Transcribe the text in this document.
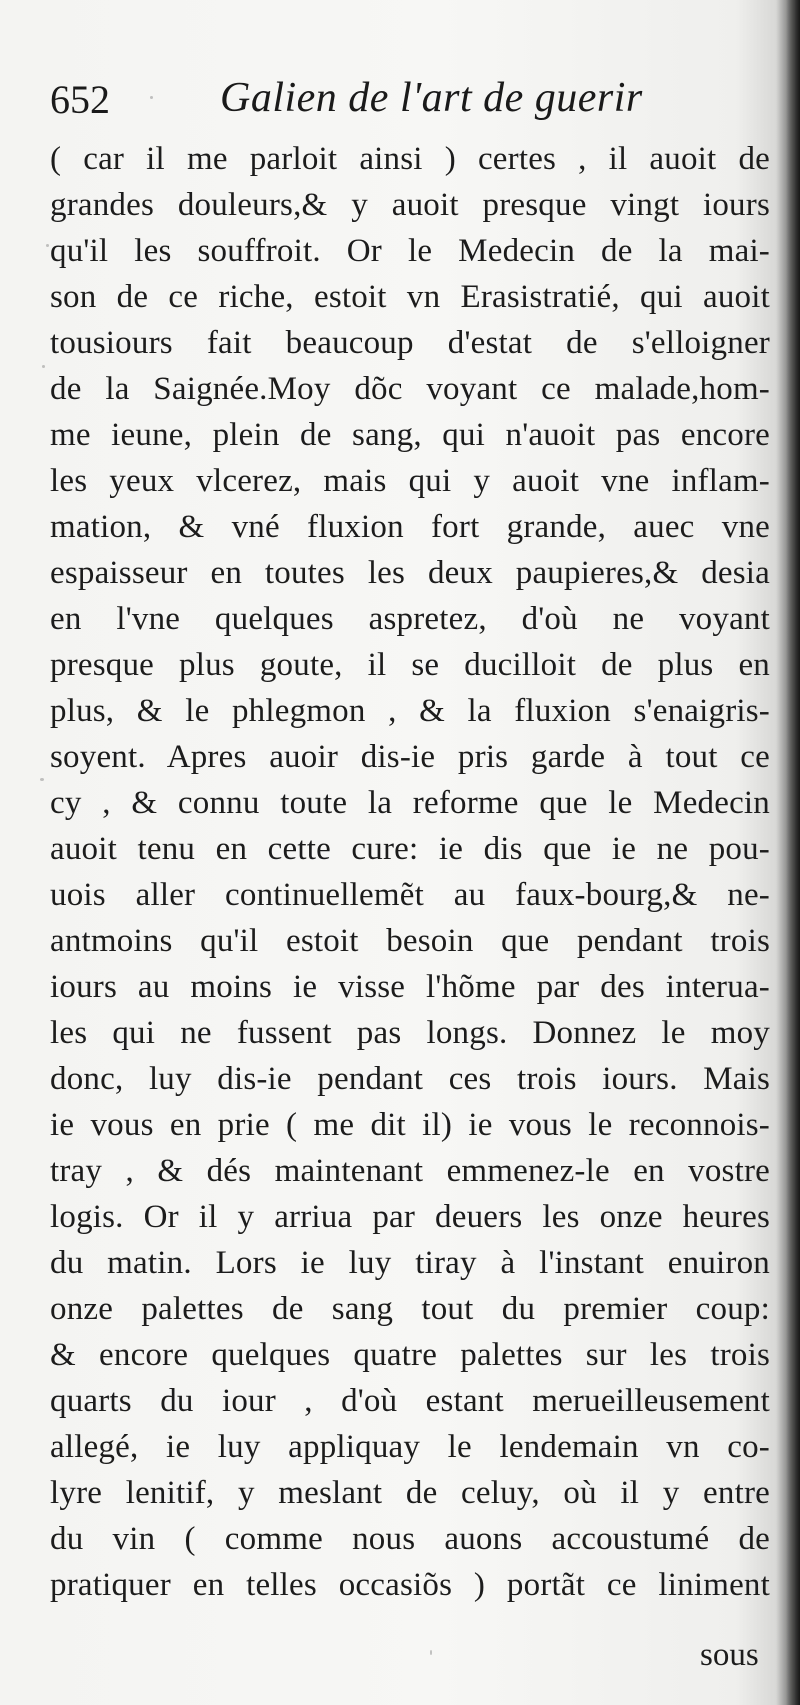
652	Galien de l'art de guerir
( car il me parloit ainsi ) certes , il auoit de
grandes douleurs,& y auoit presque vingt iours
qu'il les souffroit. Or le Medecin de la mai-
son de ce riche, estoit vn Erasistratié, qui auoit
tousiours fait beaucoup d'estat de s'elloigner
de la Saignée.Moy dõc voyant ce malade,hom-
me ieune, plein de sang, qui n'auoit pas encore
les yeux vlcerez, mais qui y auoit vne inflam-
mation, & vné fluxion fort grande, auec vne
espaisseur en toutes les deux paupieres,& desia
en l'vne quelques aspretez, d'où ne voyant
presque plus goute, il se ducilloit de plus en
plus, & le phlegmon , & la fluxion s'enaigris-
soyent. Apres auoir dis-ie pris garde à tout ce
cy , & connu toute la reforme que le Medecin
auoit tenu en cette cure: ie dis que ie ne pou-
uois aller continuellemẽt au faux-bourg,& ne-
antmoins qu'il estoit besoin que pendant trois
iours au moins ie visse l'hõme par des interua-
les qui ne fussent pas longs. Donnez le moy
donc, luy dis-ie pendant ces trois iours. Mais
ie vous en prie ( me dit il) ie vous le reconnois-
tray , & dés maintenant emmenez-le en vostre
logis. Or il y arriua par deuers les onze heures
du matin. Lors ie luy tiray à l'instant enuiron
onze palettes de sang tout du premier coup:
& encore quelques quatre palettes sur les trois
quarts du iour , d'où estant merueilleusement
allegé, ie luy appliquay le lendemain vn co-
lyre lenitif, y meslant de celuy, où il y entre
du vin ( comme nous auons accoustumé de
pratiquer en telles occasiõs ) portãt ce liniment
sous
